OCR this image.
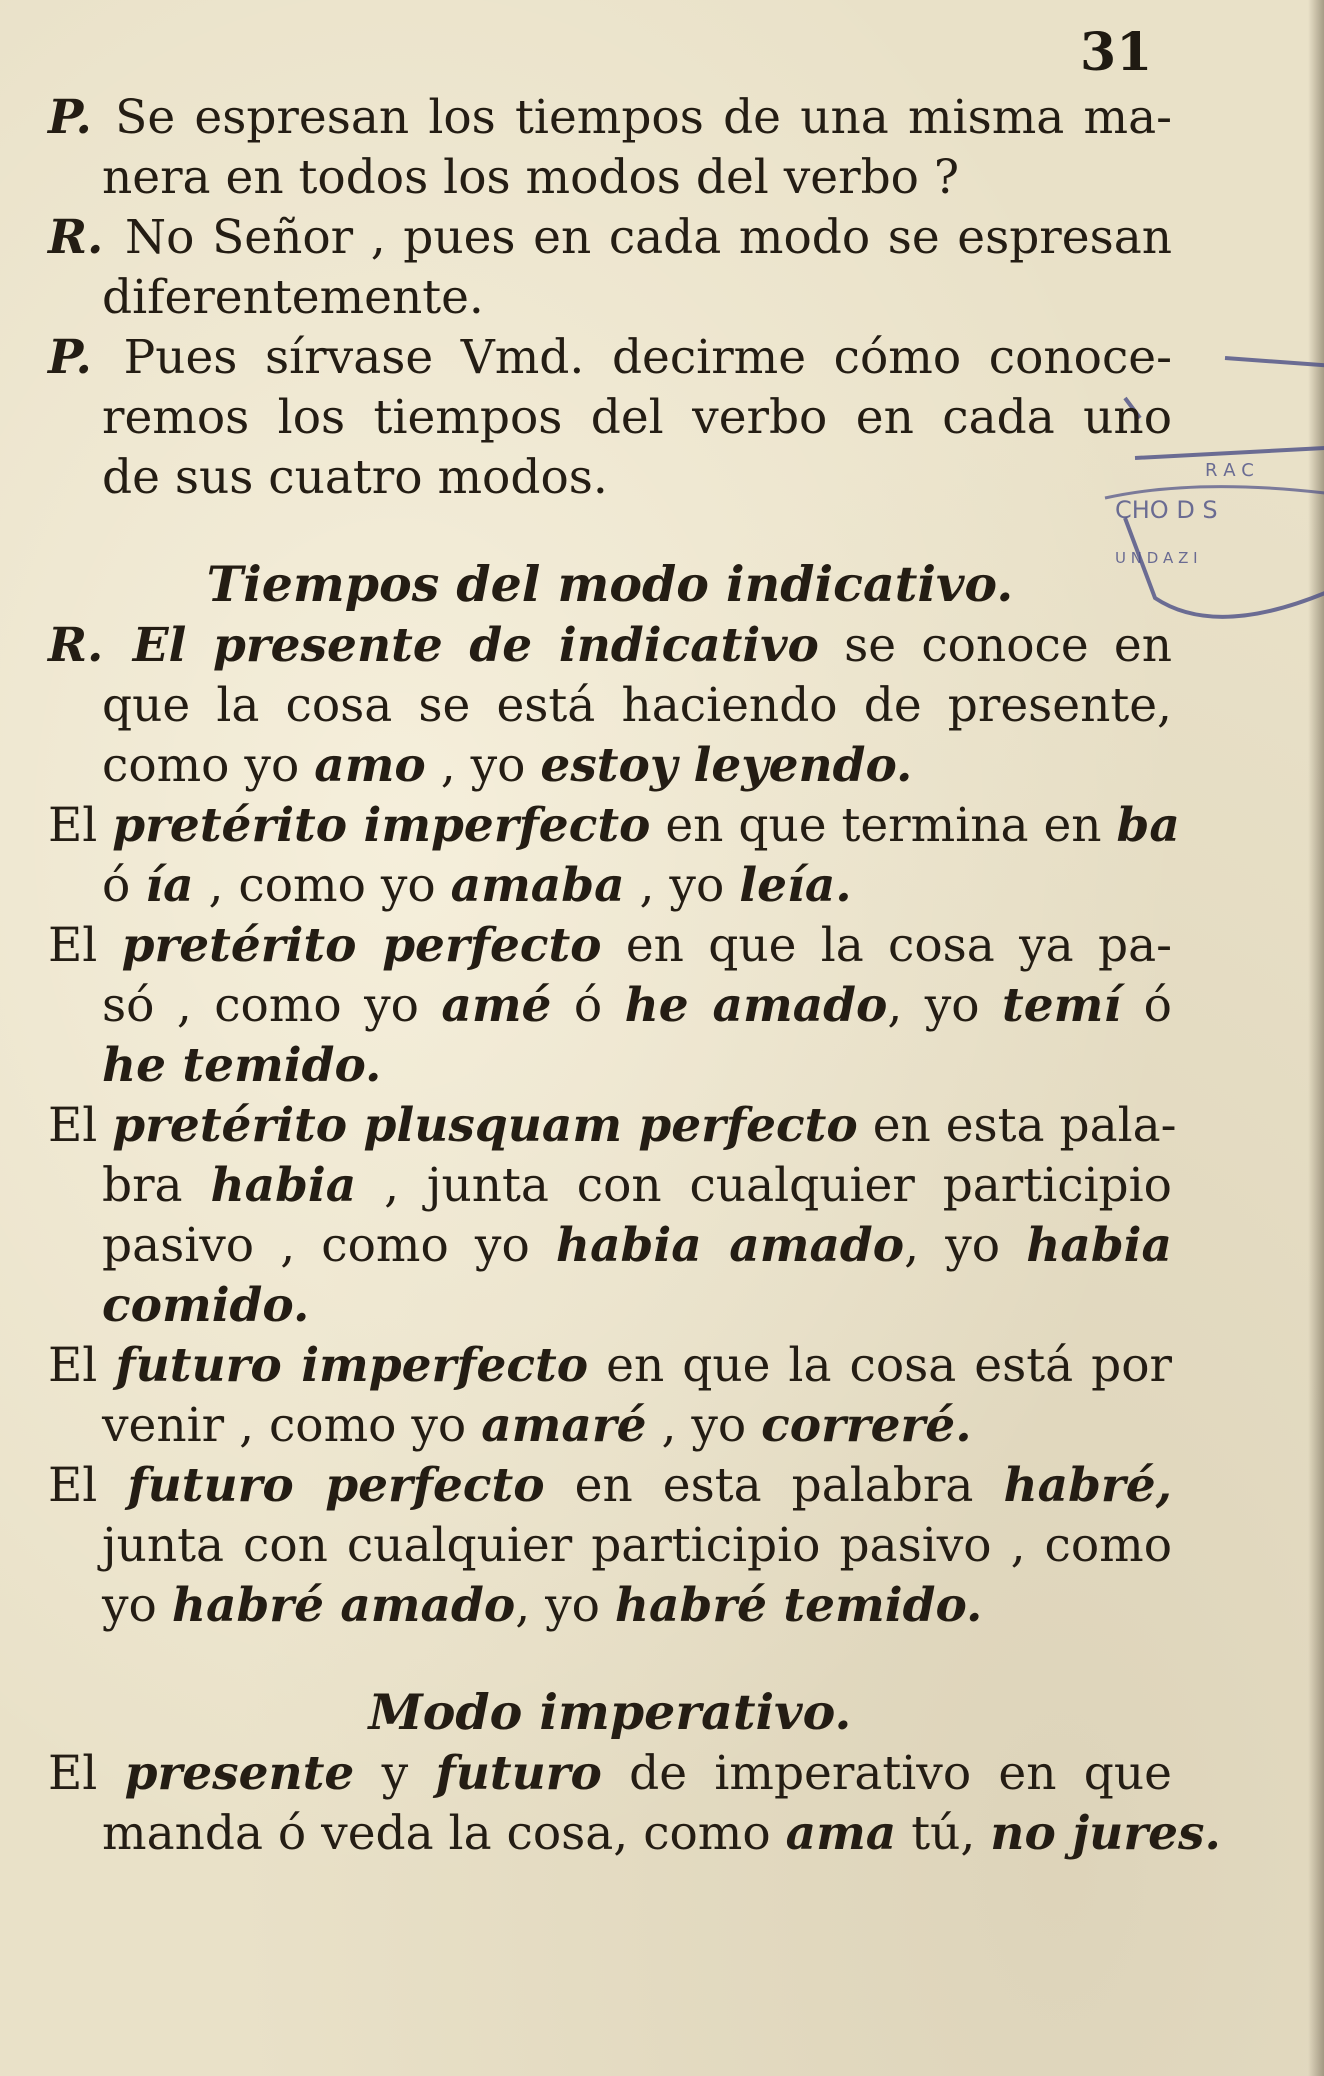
31
R A C
CHO D S
U N D A Z I
P. Se espresan los tiempos de una misma ma-
nera en todos los modos del verbo ?
R. No Señor , pues en cada modo se espresan
diferentemente.
P. Pues sírvase Vmd. decirme cómo conoce-
remos los tiempos del verbo en cada uno
de sus cuatro modos.
Tiempos del modo indicativo.
R. El presente de indicativo se conoce en
que la cosa se está haciendo de presente,
como yo amo , yo estoy leyendo.
El pretérito imperfecto en que termina en ba
ó ía , como yo amaba , yo leía.
El pretérito perfecto en que la cosa ya pa-
só , como yo amé ó he amado, yo temí ó
he temido.
El pretérito plusquam perfecto en esta pala-
bra habia , junta con cualquier participio
pasivo , como yo habia amado, yo habia
comido.
El futuro imperfecto en que la cosa está por
venir , como yo amaré , yo correré.
El futuro perfecto en esta palabra habré,
junta con cualquier participio pasivo , como
yo habré amado, yo habré temido.
Modo imperativo.
El presente y futuro de imperativo en que
manda ó veda la cosa, como ama tú, no jures.
